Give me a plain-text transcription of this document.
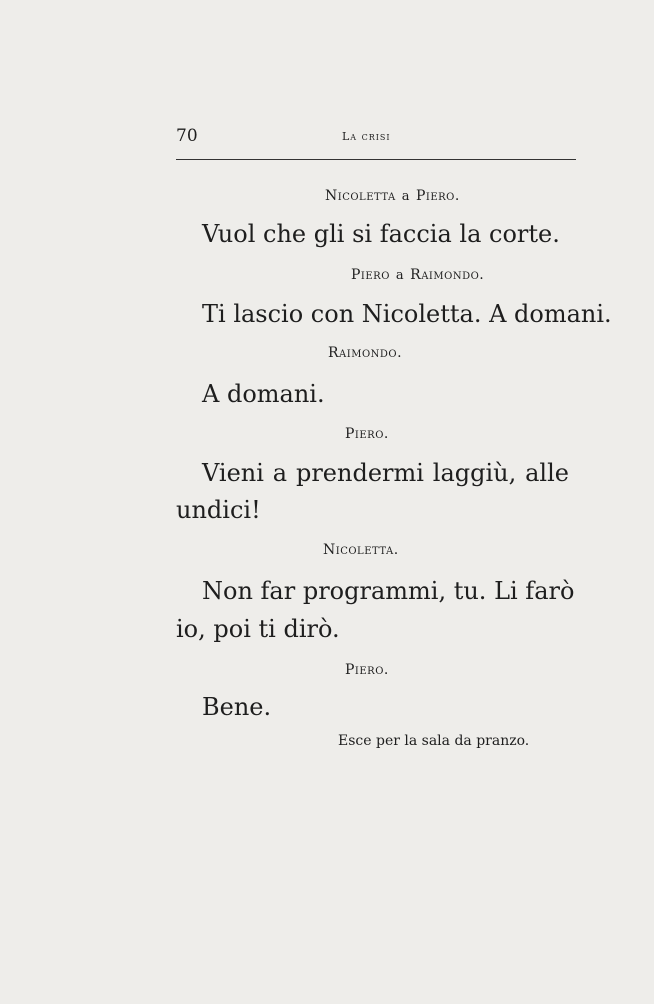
70	La crisi
Nicoletta a Piero.
Vuol che gli si faccia la corte.
Piero a Raimondo.
Ti lascio con Nicoletta. A domani.
Raimondo.
A domani.
Piero.
Vieni a prendermi laggiù, alle
undici!
Nicoletta.
Non far programmi, tu. Li farò
io, poi ti dirò.
Piero.
Bene.
Esce per la sala da pranzo.
